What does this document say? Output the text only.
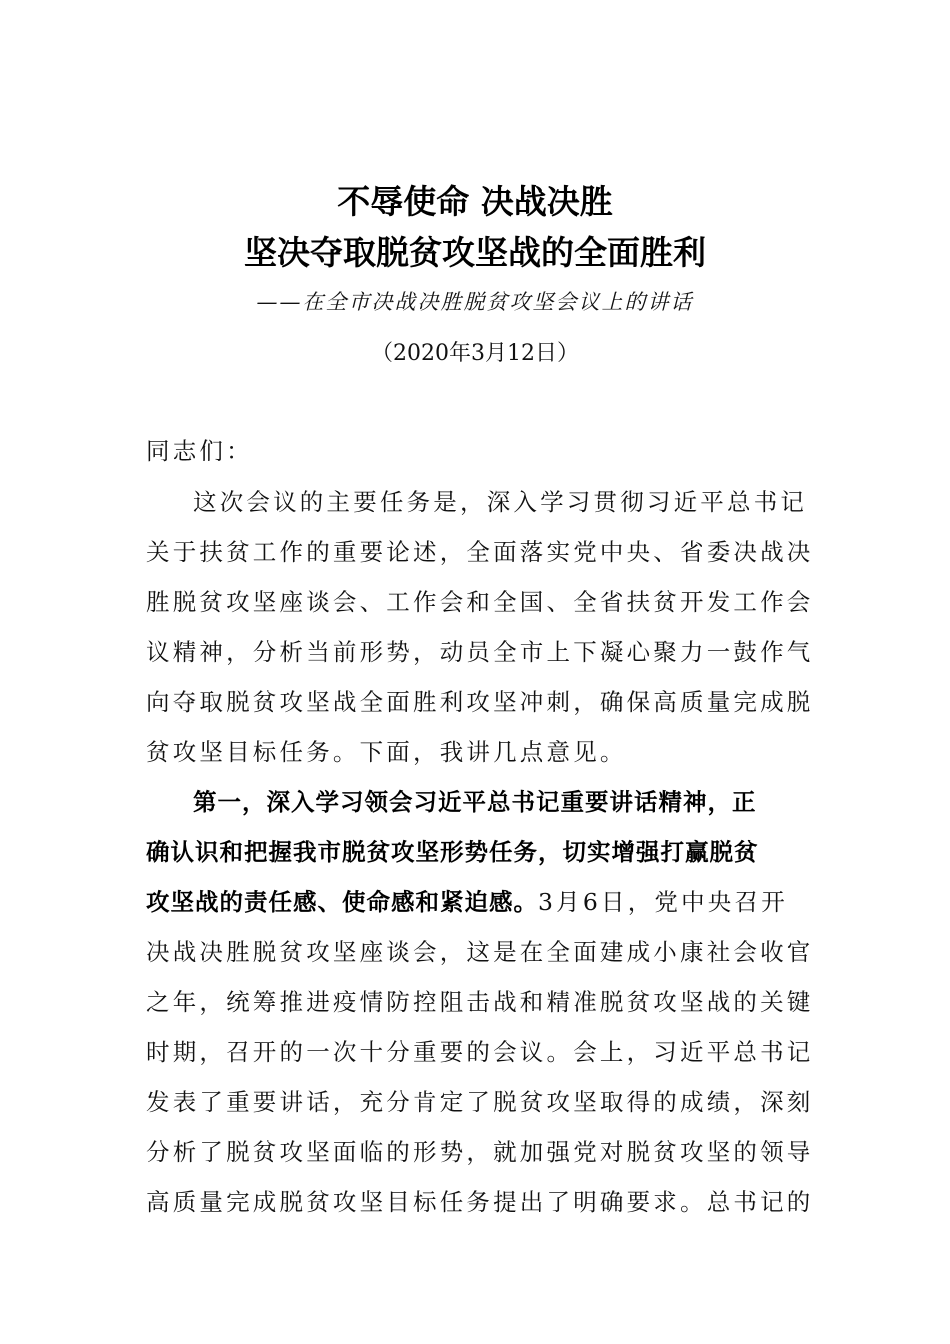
不辱使命 决战决胜
坚决夺取脱贫攻坚战的全面胜利
——在全市决战决胜脱贫攻坚会议上的讲话
（2020年3月12日）
同志们：
这次会议的主要任务是，深入学习贯彻习近平总书记
关于扶贫工作的重要论述，全面落实党中央、省委决战决
胜脱贫攻坚座谈会、工作会和全国、全省扶贫开发工作会
议精神，分析当前形势，动员全市上下凝心聚力一鼓作气
向夺取脱贫攻坚战全面胜利攻坚冲刺，确保高质量完成脱
贫攻坚目标任务。下面，我讲几点意见。
第一，深入学习领会习近平总书记重要讲话精神，正
确认识和把握我市脱贫攻坚形势任务，切实增强打赢脱贫
攻坚战的责任感、使命感和紧迫感。3月6日，党中央召开
决战决胜脱贫攻坚座谈会，这是在全面建成小康社会收官
之年，统筹推进疫情防控阻击战和精准脱贫攻坚战的关键
时期，召开的一次十分重要的会议。会上，习近平总书记
发表了重要讲话，充分肯定了脱贫攻坚取得的成绩，深刻
分析了脱贫攻坚面临的形势，就加强党对脱贫攻坚的领导
高质量完成脱贫攻坚目标任务提出了明确要求。总书记的
